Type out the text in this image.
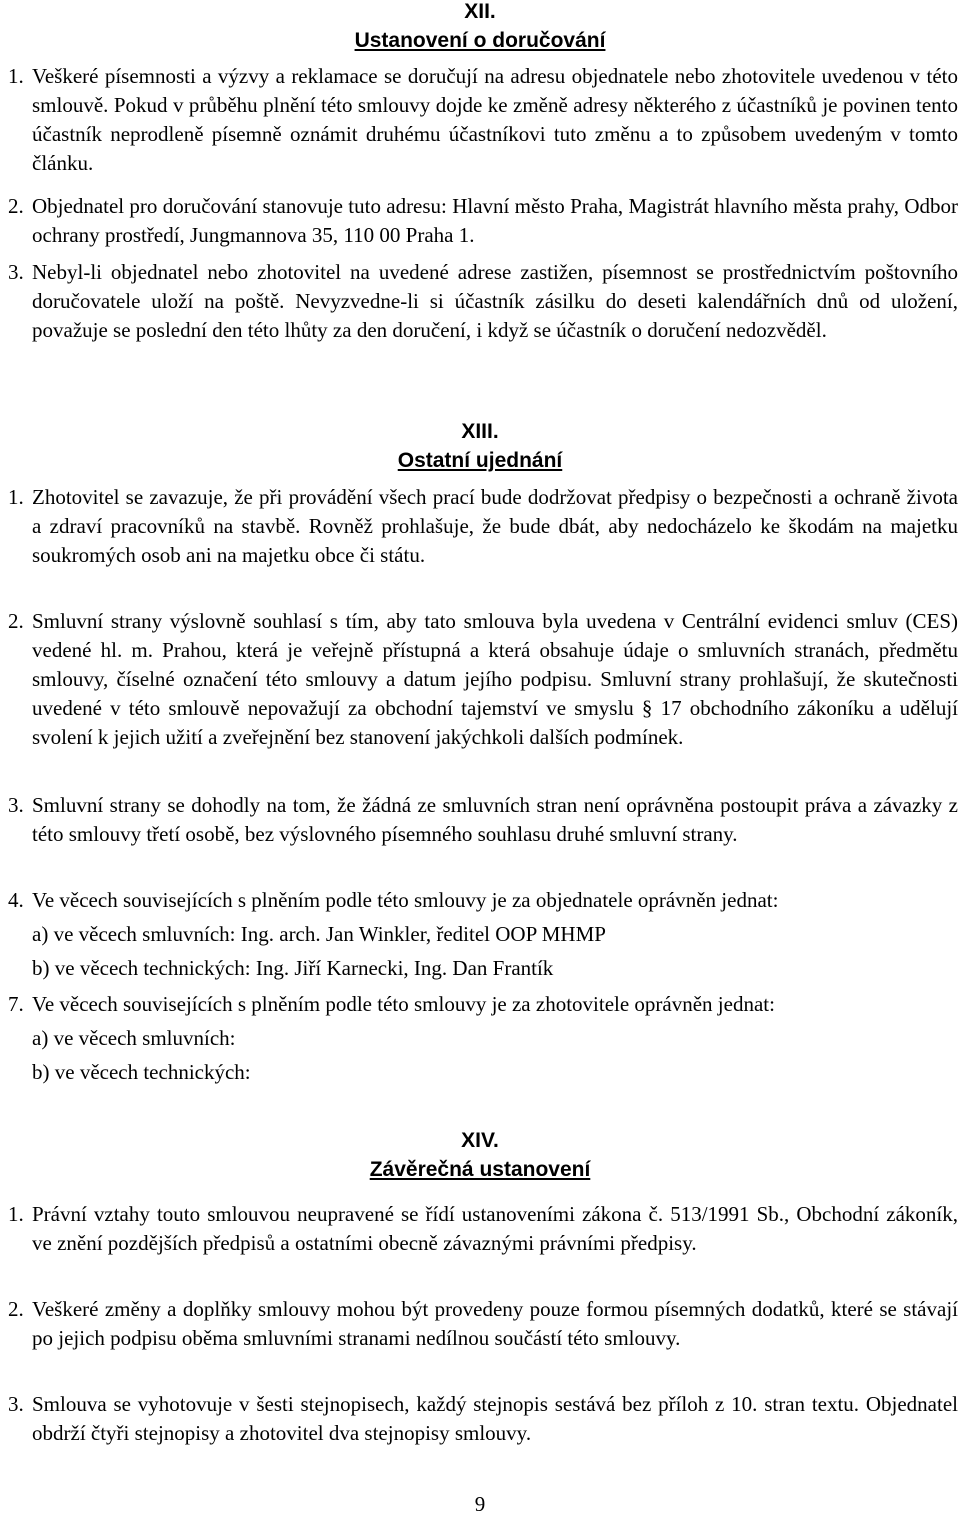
XII.
Ustanovení o doručování
1. Veškeré písemnosti a výzvy a reklamace se doručují na adresu objednatele nebo zhotovitele uvedenou v této smlouvě. Pokud v průběhu plnění této smlouvy dojde ke změně adresy některého z účastníků je povinen tento účastník neprodleně písemně oznámit druhému účastníkovi tuto změnu a to způsobem uvedeným v tomto článku.
2. Objednatel pro doručování stanovuje tuto adresu: Hlavní město Praha, Magistrát hlavního města prahy, Odbor ochrany prostředí, Jungmannova 35, 110 00 Praha 1.
3. Nebyl-li objednatel nebo zhotovitel na uvedené adrese zastižen, písemnost se prostřednictvím poštovního doručovatele uloží na poště. Nevyzvedne-li si účastník zásilku do deseti kalendářních dnů od uložení, považuje se poslední den této lhůty za den doručení, i když se účastník o doručení nedozvěděl.
XIII.
Ostatní ujednání
1. Zhotovitel se zavazuje, že při provádění všech prací bude dodržovat předpisy o bezpečnosti a ochraně života a zdraví pracovníků na stavbě. Rovněž prohlašuje, že bude dbát, aby nedocházelo ke škodám na majetku soukromých osob ani na majetku obce či státu.
2. Smluvní strany výslovně souhlasí s tím, aby tato smlouva byla uvedena v Centrální evidenci smluv (CES) vedené hl. m. Prahou, která je veřejně přístupná a která obsahuje údaje o smluvních stranách, předmětu smlouvy, číselné označení této smlouvy a datum jejího podpisu. Smluvní strany prohlašují, že skutečnosti uvedené v této smlouvě nepovažují za obchodní tajemství ve smyslu § 17 obchodního zákoníku a udělují svolení k jejich užití a zveřejnění bez stanovení jakýchkoli dalších podmínek.
3. Smluvní strany se dohodly na tom, že žádná ze smluvních stran není oprávněna postoupit práva a závazky z této smlouvy třetí osobě, bez výslovného písemného souhlasu druhé smluvní strany.
4. Ve věcech souvisejících s plněním podle této smlouvy je za objednatele oprávněn jednat:
a) ve věcech smluvních: Ing. arch. Jan Winkler, ředitel OOP MHMP
b) ve věcech technických: Ing. Jiří Karnecki, Ing. Dan Frantík
7. Ve věcech souvisejících s plněním podle této smlouvy je za zhotovitele oprávněn jednat:
a) ve věcech smluvních:
b) ve věcech technických:
XIV.
Závěrečná ustanovení
1. Právní vztahy touto smlouvou neupravené se řídí ustanoveními zákona č. 513/1991 Sb., Obchodní zákoník, ve znění pozdějších předpisů a ostatními obecně závaznými právními předpisy.
2. Veškeré změny a doplňky smlouvy mohou být provedeny pouze formou písemných dodatků, které se stávají po jejich podpisu oběma smluvními stranami nedílnou součástí této smlouvy.
3. Smlouva se vyhotovuje v šesti stejnopisech, každý stejnopis sestává bez příloh z 10. stran textu. Objednatel obdrží čtyři stejnopisy a zhotovitel dva stejnopisy smlouvy.
9
